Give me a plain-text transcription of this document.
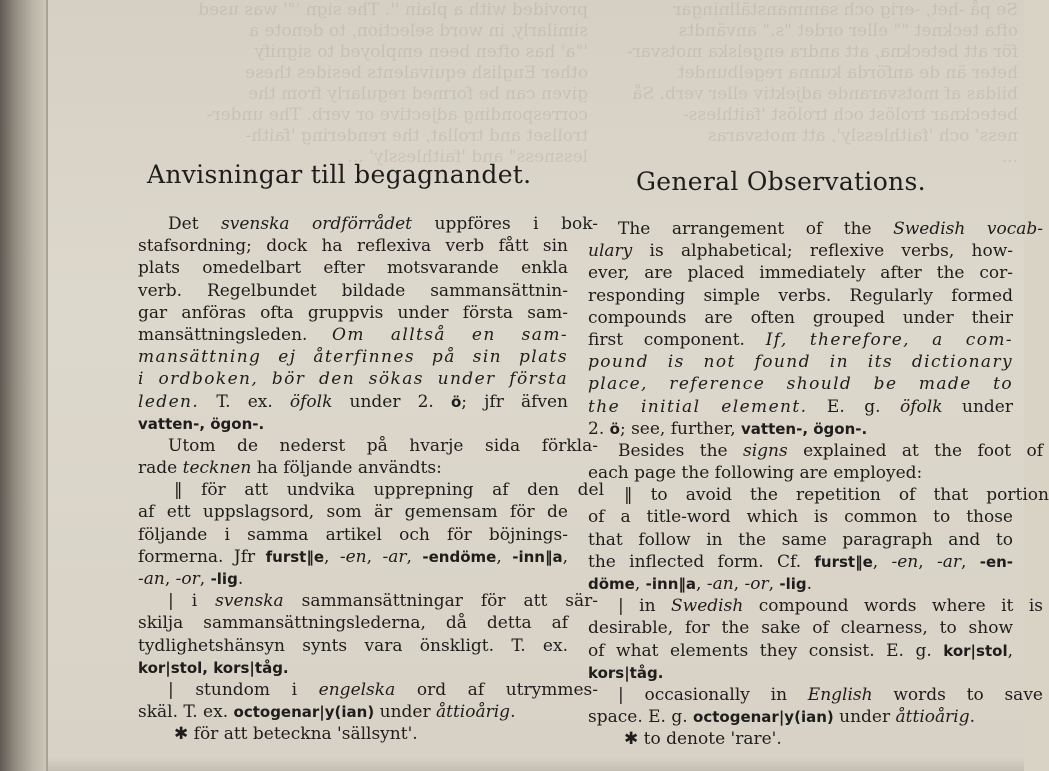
provided with a plain ''. The sign '"' was used

similarly, in word selection, to denote a

'"a' has often been employed to signify

other English equivalents besides these

given can be formed regularly from the

corresponding adjective or verb. The under-

trollset and trollat, the rendering 'faith-

lessness" and 'faithlessly' ...

Se på -het, -erig och sammanställningar

ofta tecknet "" eller ordet "s." användts

för att beteckna, att andra engelska motsvar-

heter än de anförda kunna regelbundet

bildas af motsvarande adjektiv eller verb. Så

betecknar trolöst och trolöst 'faithless-

ness' och 'faithlessly', att motsvaras

...

Anvisningar till begagnandet.
Det svenska ordförrådet uppföres i bok-
stafsordning; dock ha reflexiva verb fått sin
plats omedelbart efter motsvarande enkla
verb. Regelbundet bildade sammansättnin-
gar anföras ofta gruppvis under första sam-
mansättningsleden. Om alltså en sam-
mansättning ej återfinnes på sin plats
i ordboken, bör den sökas under första
leden. T. ex. öfolk under 2. ö; jfr äfven
vatten-, ögon-.
Utom de nederst på hvarje sida förkla-
rade tecknen ha följande användts:
‖ för att undvika upprepning af den del
af ett uppslagsord, som är gemensam för de
följande i samma artikel och för böjnings-
formerna. Jfr furst‖e, -en, -ar, -endöme, -inn‖a,
-an, -or, -lig.
| i svenska sammansättningar för att sär-
skilja sammansättningsledernа, då detta af
tydlighetshänsyn synts vara önskligt. T. ex.
kor|stol, kors|tåg.
| stundom i engelska ord af utrymmes-
skäl. T. ex. octogenar|y(ian) under åttioårig.
✱ för att beteckna 'sällsynt'.
General Observations.
The arrangement of the Swedish vocab-
ulary is alphabetical; reflexive verbs, how-
ever, are placed immediately after the cor-
responding simple verbs. Regularly formed
compounds are often grouped under their
first component. If, therefore, a com-
pound is not found in its dictionary
place, reference should be made to
the initial element. E. g. öfolk under
2. ö; see, further, vatten-, ögon-.
Besides the signs explained at the foot of
each page the following are employed:
‖ to avoid the repetition of that portion
of a title-word which is common to those
that follow in the same paragraph and to
the inflected form. Cf. furst‖e, -en, -ar, -en-
döme, -inn‖a, -an, -or, -lig.
| in Swedish compound words where it is
desirable, for the sake of clearness, to show
of what elements they consist. E. g. kor|stol,
kors|tåg.
| occasionally in English words to save
space. E. g. octogenar|y(ian) under åttioårig.
✱ to denote 'rare'.
